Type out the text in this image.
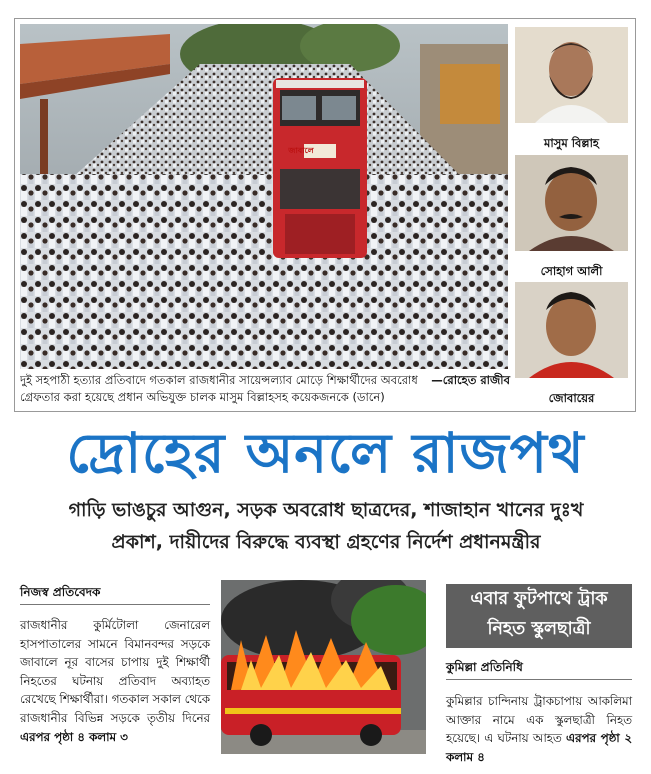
জাবালে
মাসুম বিল্লাহ
সোহাগ আলী
জোবায়ের
দুই সহপাঠী হত্যার প্রতিবাদে গতকাল রাজধানীর সায়েন্সল্যাব মোড়ে শিক্ষার্থীদের অবরোধ
গ্রেফতার করা হয়েছে প্রধান অভিযুক্ত চালক মাসুম বিল্লাহসহ কয়েকজনকে (ডানে)
—রোহেত রাজীব
দ্রোহের অনলে রাজপথ
গাড়ি ভাঙচুর আগুন, সড়ক অবরোধ ছাত্রদের, শাজাহান খানের দুঃখ
প্রকাশ, দায়ীদের বিরুদ্ধে ব্যবস্থা গ্রহণের নির্দেশ প্রধানমন্ত্রীর
নিজস্ব প্রতিবেদক
রাজধানীর কুর্মিটোলা জেনারেল হাসপাতালের সামনে বিমানবন্দর সড়কে জাবালে নূর বাসের চাপায় দুই শিক্ষার্থী নিহতের ঘটনায় প্রতিবাদ অব্যাহত রেখেছে শিক্ষার্থীরা। গতকাল সকাল থেকে রাজধানীর বিভিন্ন সড়কে তৃতীয় দিনের এরপর পৃষ্ঠা ৪ কলাম ৩
এবার ফুটপাথে ট্রাক
নিহত স্কুলছাত্রী
কুমিল্লা প্রতিনিধি
কুমিল্লার চান্দিনায় ট্রাকচাপায় আকলিমা আক্তার নামে এক স্কুলছাত্রী নিহত হয়েছে। এ ঘটনায় আহত এরপর পৃষ্ঠা ২ কলাম ৪
